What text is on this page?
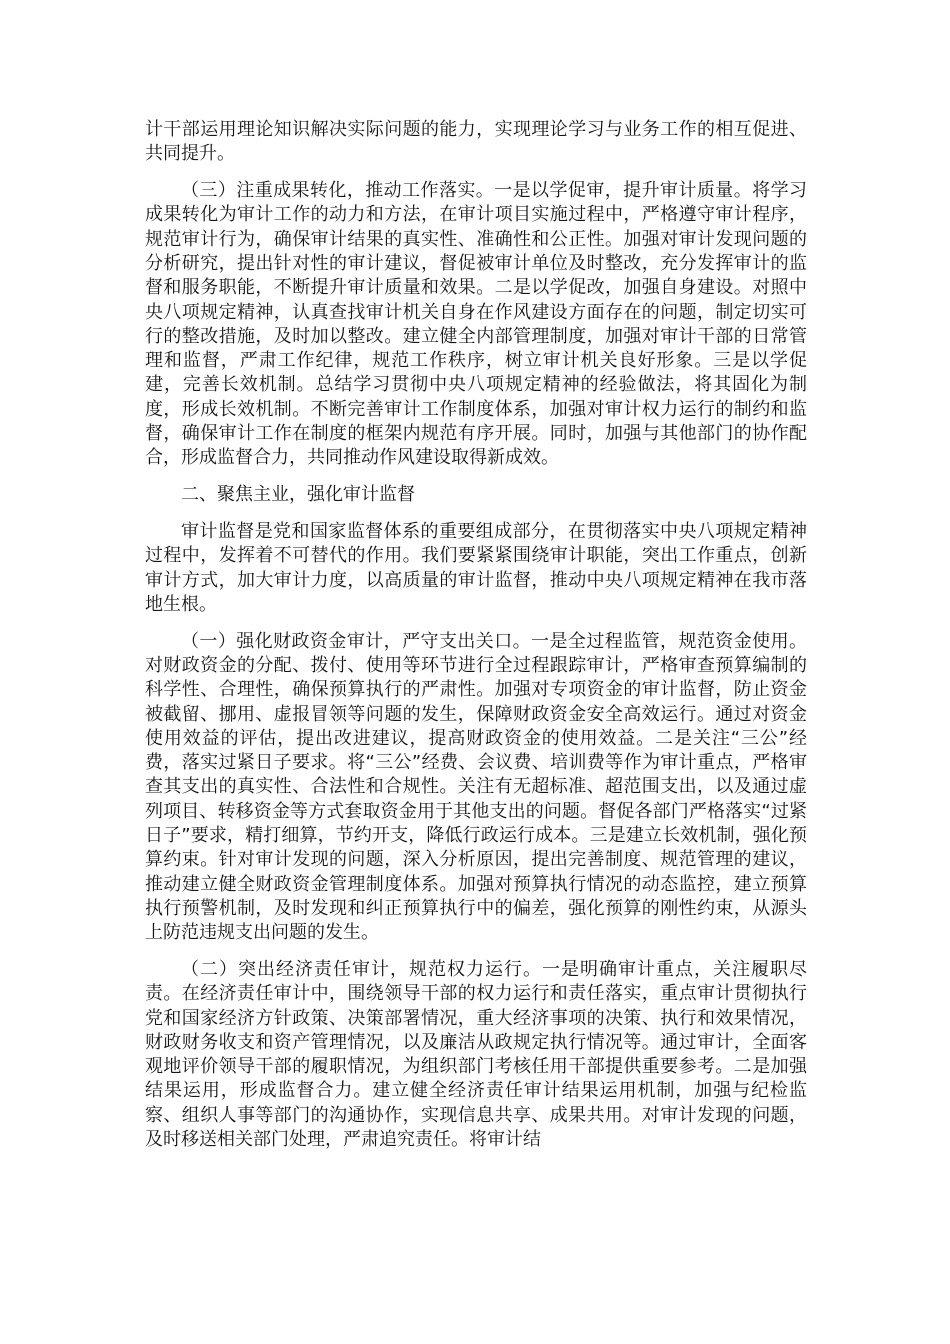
计干部运用理论知识解决实际问题的能力，实现理论学习与业务工作的相互促进、共同提升。

（三）注重成果转化，推动工作落实。一是以学促审，提升审计质量。将学习成果转化为审计工作的动力和方法，在审计项目实施过程中，严格遵守审计程序，规范审计行为，确保审计结果的真实性、准确性和公正性。加强对审计发现问题的分析研究，提出针对性的审计建议，督促被审计单位及时整改，充分发挥审计的监督和服务职能，不断提升审计质量和效果。二是以学促改，加强自身建设。对照中央八项规定精神，认真查找审计机关自身在作风建设方面存在的问题，制定切实可行的整改措施，及时加以整改。建立健全内部管理制度，加强对审计干部的日常管理和监督，严肃工作纪律，规范工作秩序，树立审计机关良好形象。三是以学促建，完善长效机制。总结学习贯彻中央八项规定精神的经验做法，将其固化为制度，形成长效机制。不断完善审计工作制度体系，加强对审计权力运行的制约和监督，确保审计工作在制度的框架内规范有序开展。同时，加强与其他部门的协作配合，形成监督合力，共同推动作风建设取得新成效。

二、聚焦主业，强化审计监督

审计监督是党和国家监督体系的重要组成部分，在贯彻落实中央八项规定精神过程中，发挥着不可替代的作用。我们要紧紧围绕审计职能，突出工作重点，创新审计方式，加大审计力度，以高质量的审计监督，推动中央八项规定精神在我市落地生根。

（一）强化财政资金审计，严守支出关口。一是全过程监管，规范资金使用。对财政资金的分配、拨付、使用等环节进行全过程跟踪审计，严格审查预算编制的科学性、合理性，确保预算执行的严肃性。加强对专项资金的审计监督，防止资金被截留、挪用、虚报冒领等问题的发生，保障财政资金安全高效运行。通过对资金使用效益的评估，提出改进建议，提高财政资金的使用效益。二是关注“三公”经费，落实过紧日子要求。将“三公”经费、会议费、培训费等作为审计重点，严格审查其支出的真实性、合法性和合规性。关注有无超标准、超范围支出，以及通过虚列项目、转移资金等方式套取资金用于其他支出的问题。督促各部门严格落实“过紧日子”要求，精打细算，节约开支，降低行政运行成本。三是建立长效机制，强化预算约束。针对审计发现的问题，深入分析原因，提出完善制度、规范管理的建议，推动建立健全财政资金管理制度体系。加强对预算执行情况的动态监控，建立预算执行预警机制，及时发现和纠正预算执行中的偏差，强化预算的刚性约束，从源头上防范违规支出问题的发生。

（二）突出经济责任审计，规范权力运行。一是明确审计重点，关注履职尽责。在经济责任审计中，围绕领导干部的权力运行和责任落实，重点审计贯彻执行党和国家经济方针政策、决策部署情况，重大经济事项的决策、执行和效果情况，财政财务收支和资产管理情况，以及廉洁从政规定执行情况等。通过审计，全面客观地评价领导干部的履职情况，为组织部门考核任用干部提供重要参考。二是加强结果运用，形成监督合力。建立健全经济责任审计结果运用机制，加强与纪检监察、组织人事等部门的沟通协作，实现信息共享、成果共用。对审计发现的问题，及时移送相关部门处理，严肃追究责任。将审计结
